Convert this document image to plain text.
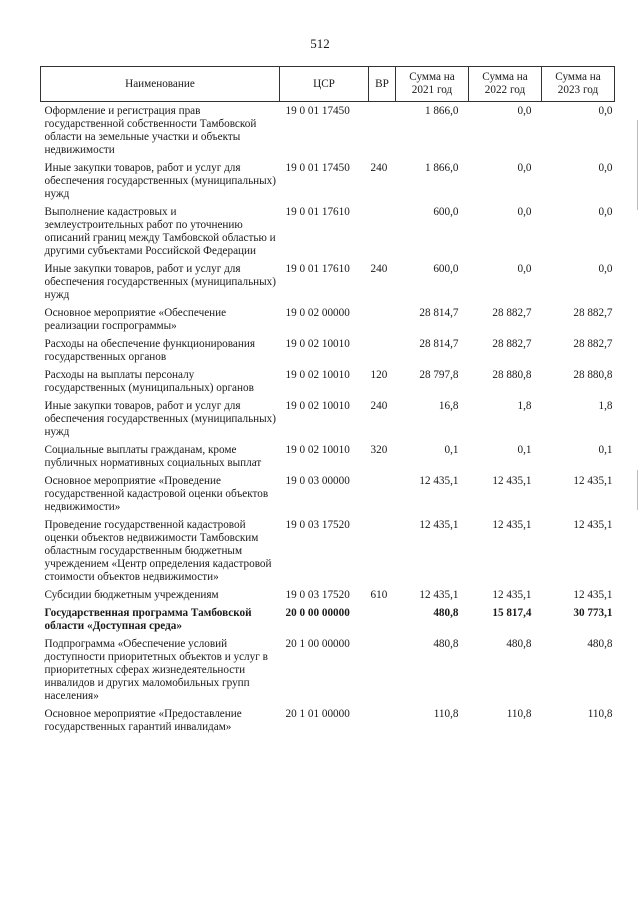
512
Наименование	ЦСР	ВР	Сумма на 2021 год	Сумма на 2022 год	Сумма на 2023 год
Оформление и регистрация прав государственной собственности Тамбовской области на земельные участки и объекты недвижимости	19 0 01 17450		1 866,0	0,0	0,0
Иные закупки товаров, работ и услуг для обеспечения государственных (муниципальных) нужд	19 0 01 17450	240	1 866,0	0,0	0,0
Выполнение кадастровых и землеустроительных работ по уточнению описаний границ между Тамбовской областью и другими субъектами Российской Федерации	19 0 01 17610		600,0	0,0	0,0
Иные закупки товаров, работ и услуг для обеспечения государственных (муниципальных) нужд	19 0 01 17610	240	600,0	0,0	0,0
Основное мероприятие «Обеспечение реализации госпрограммы»	19 0 02 00000		28 814,7	28 882,7	28 882,7
Расходы на обеспечение функционирования государственных органов	19 0 02 10010		28 814,7	28 882,7	28 882,7
Расходы на выплаты персоналу государственных (муниципальных) органов	19 0 02 10010	120	28 797,8	28 880,8	28 880,8
Иные закупки товаров, работ и услуг для обеспечения государственных (муниципальных) нужд	19 0 02 10010	240	16,8	1,8	1,8
Социальные выплаты гражданам, кроме публичных нормативных социальных выплат	19 0 02 10010	320	0,1	0,1	0,1
Основное мероприятие «Проведение государственной кадастровой оценки объектов недвижимости»	19 0 03 00000		12 435,1	12 435,1	12 435,1
Проведение государственной кадастровой оценки объектов недвижимости Тамбовским областным государственным бюджетным учреждением «Центр определения кадастровой стоимости объектов недвижимости»	19 0 03 17520		12 435,1	12 435,1	12 435,1
Субсидии бюджетным учреждениям	19 0 03 17520	610	12 435,1	12 435,1	12 435,1
Государственная программа Тамбовской области «Доступная среда»	20 0 00 00000		480,8	15 817,4	30 773,1
Подпрограмма «Обеспечение условий доступности приоритетных объектов и услуг в приоритетных сферах жизнедеятельности инвалидов и других маломобильных групп населения»	20 1 00 00000		480,8	480,8	480,8
Основное мероприятие «Предоставление государственных гарантий инвалидам»	20 1 01 00000		110,8	110,8	110,8
